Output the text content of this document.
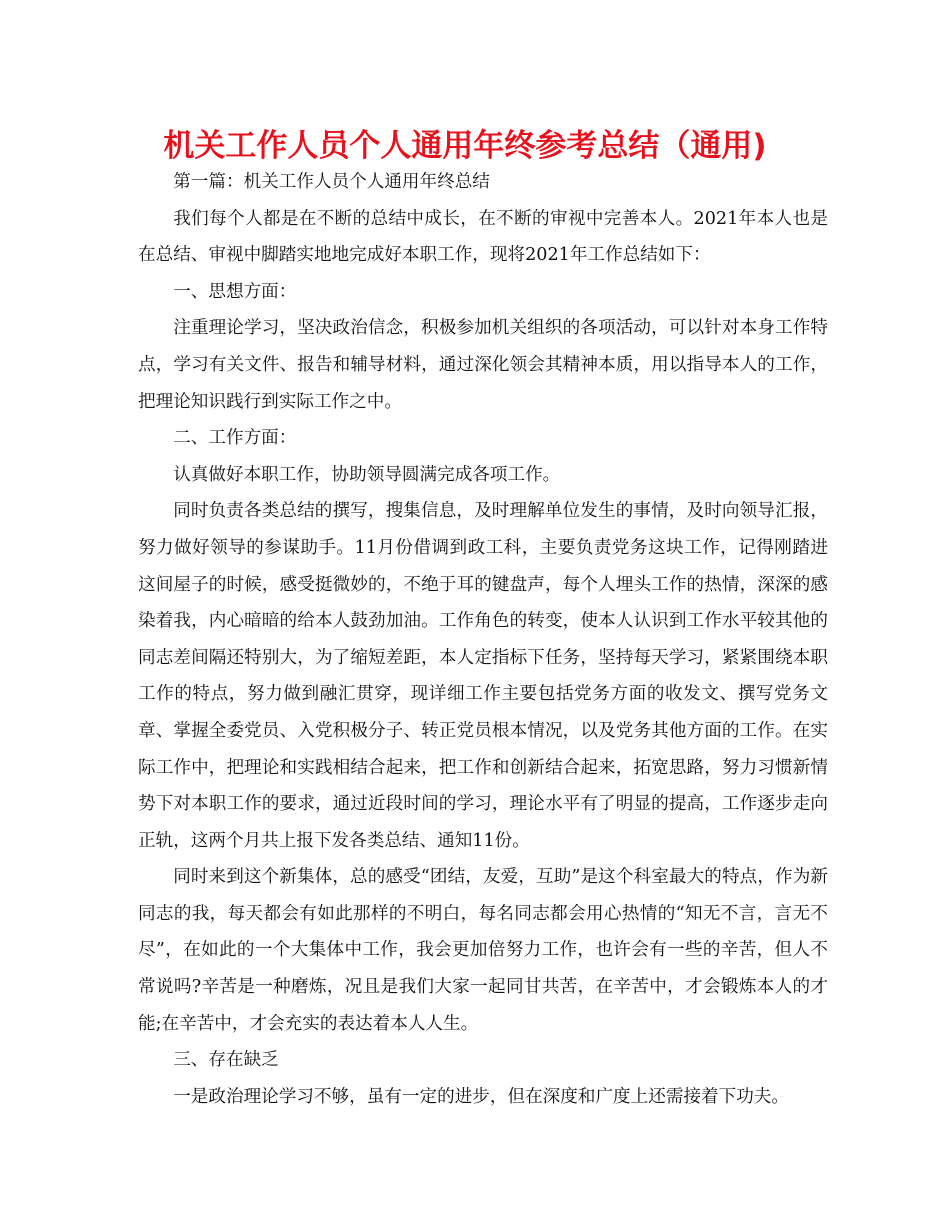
机关工作人员个人通用年终参考总结（通用)

第一篇：机关工作人员个人通用年终总结

我们每个人都是在不断的总结中成长，在不断的审视中完善本人。2021年本人也是在总结、审视中脚踏实地地完成好本职工作，现将2021年工作总结如下：

一、思想方面：

注重理论学习，坚决政治信念，积极参加机关组织的各项活动，可以针对本身工作特点，学习有关文件、报告和辅导材料，通过深化领会其精神本质，用以指导本人的工作，把理论知识践行到实际工作之中。

二、工作方面：

认真做好本职工作，协助领导圆满完成各项工作。

同时负责各类总结的撰写，搜集信息，及时理解单位发生的事情，及时向领导汇报，努力做好领导的参谋助手。11月份借调到政工科，主要负责党务这块工作，记得刚踏进这间屋子的时候，感受挺微妙的，不绝于耳的键盘声，每个人埋头工作的热情，深深的感染着我，内心暗暗的给本人鼓劲加油。工作角色的转变，使本人认识到工作水平较其他的同志差间隔还特别大，为了缩短差距，本人定指标下任务，坚持每天学习，紧紧围绕本职工作的特点，努力做到融汇贯穿，现详细工作主要包括党务方面的收发文、撰写党务文章、掌握全委党员、入党积极分子、转正党员根本情况，以及党务其他方面的工作。在实际工作中，把理论和实践相结合起来，把工作和创新结合起来，拓宽思路，努力习惯新情势下对本职工作的要求，通过近段时间的学习，理论水平有了明显的提高，工作逐步走向正轨，这两个月共上报下发各类总结、通知11份。

同时来到这个新集体，总的感受“团结，友爱，互助”是这个科室最大的特点，作为新同志的我，每天都会有如此那样的不明白，每名同志都会用心热情的“知无不言，言无不尽”，在如此的一个大集体中工作，我会更加倍努力工作，也许会有一些的辛苦，但人不常说吗?辛苦是一种磨炼，况且是我们大家一起同甘共苦，在辛苦中，才会锻炼本人的才能;在辛苦中，才会充实的表达着本人人生。

三、存在缺乏

一是政治理论学习不够，虽有一定的进步，但在深度和广度上还需接着下功夫。
